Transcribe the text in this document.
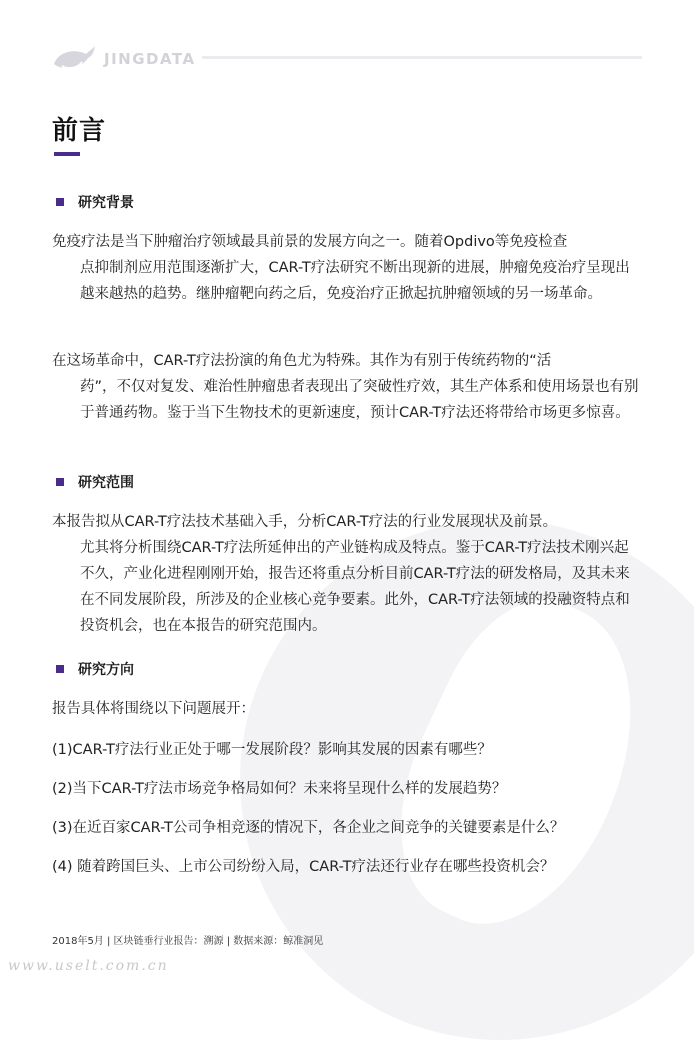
JINGDATA
前言
研究背景
免疫疗法是当下肿瘤治疗领域最具前景的发展方向之一。随着Opdivo等免疫检查
点抑制剂应用范围逐渐扩大，CAR-T疗法研究不断出现新的进展，肿瘤免疫治疗呈现出越来越热的趋势。继肿瘤靶向药之后，免疫治疗正掀起抗肿瘤领域的另一场革命。
在这场革命中，CAR-T疗法扮演的角色尤为特殊。其作为有别于传统药物的“活
药”，不仅对复发、难治性肿瘤患者表现出了突破性疗效，其生产体系和使用场景也有别于普通药物。鉴于当下生物技术的更新速度，预计CAR-T疗法还将带给市场更多惊喜。
研究范围
本报告拟从CAR-T疗法技术基础入手，分析CAR-T疗法的行业发展现状及前景。
尤其将分析围绕CAR-T疗法所延伸出的产业链构成及特点。鉴于CAR-T疗法技术刚兴起不久，产业化进程刚刚开始，报告还将重点分析目前CAR-T疗法的研发格局，及其未来在不同发展阶段，所涉及的企业核心竞争要素。此外，CAR-T疗法领域的投融资特点和投资机会，也在本报告的研究范围内。
研究方向
报告具体将围绕以下问题展开：
(1)CAR-T疗法行业正处于哪一发展阶段？影响其发展的因素有哪些？
(2)当下CAR-T疗法市场竞争格局如何？未来将呈现什么样的发展趋势？
(3)在近百家CAR-T公司争相竞逐的情况下，各企业之间竞争的关键要素是什么？
(4) 随着跨国巨头、上市公司纷纷入局，CAR-T疗法还行业存在哪些投资机会？
2018年5月 | 区块链垂行业报告：溯源 | 数据来源：鲸准洞见
www.uselt.com.cn
